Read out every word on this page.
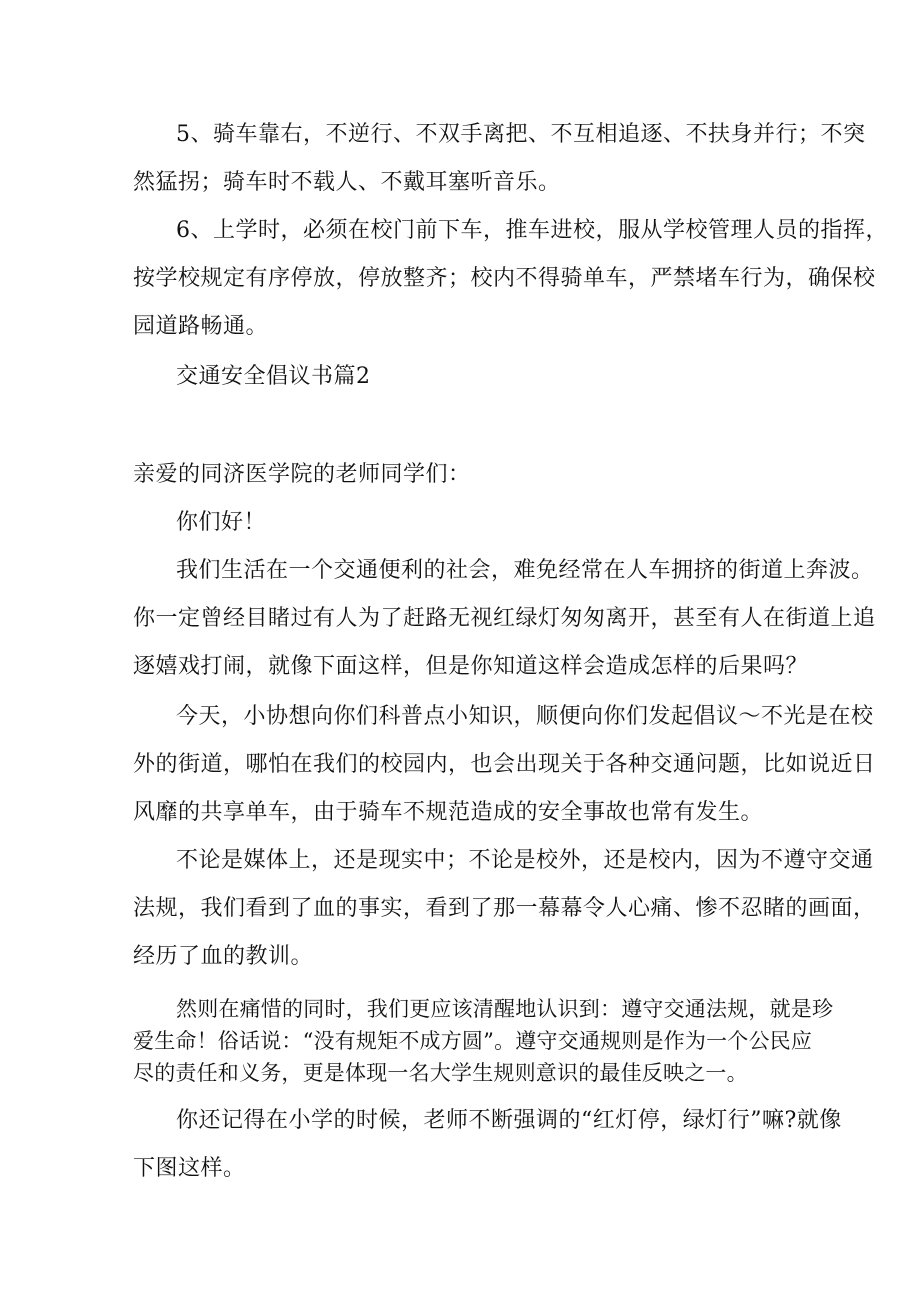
5、骑车靠右，不逆行、不双手离把、不互相追逐、不扶身并行；不突
然猛拐；骑车时不载人、不戴耳塞听音乐。
6、上学时，必须在校门前下车，推车进校，服从学校管理人员的指挥，
按学校规定有序停放，停放整齐；校内不得骑单车，严禁堵车行为，确保校
园道路畅通。
交通安全倡议书篇2
亲爱的同济医学院的老师同学们：
你们好！
我们生活在一个交通便利的社会，难免经常在人车拥挤的街道上奔波。
你一定曾经目睹过有人为了赶路无视红绿灯匆匆离开，甚至有人在街道上追
逐嬉戏打闹，就像下面这样，但是你知道这样会造成怎样的后果吗？
今天，小协想向你们科普点小知识，顺便向你们发起倡议～不光是在校
外的街道，哪怕在我们的校园内，也会出现关于各种交通问题，比如说近日
风靡的共享单车，由于骑车不规范造成的安全事故也常有发生。
不论是媒体上，还是现实中；不论是校外，还是校内，因为不遵守交通
法规，我们看到了血的事实，看到了那一幕幕令人心痛、惨不忍睹的画面，
经历了血的教训。
然则在痛惜的同时，我们更应该清醒地认识到：遵守交通法规，就是珍
爱生命！俗话说：“没有规矩不成方圆”。遵守交通规则是作为一个公民应
尽的责任和义务，更是体现一名大学生规则意识的最佳反映之一。
你还记得在小学的时候，老师不断强调的“红灯停，绿灯行”嘛?就像
下图这样。
